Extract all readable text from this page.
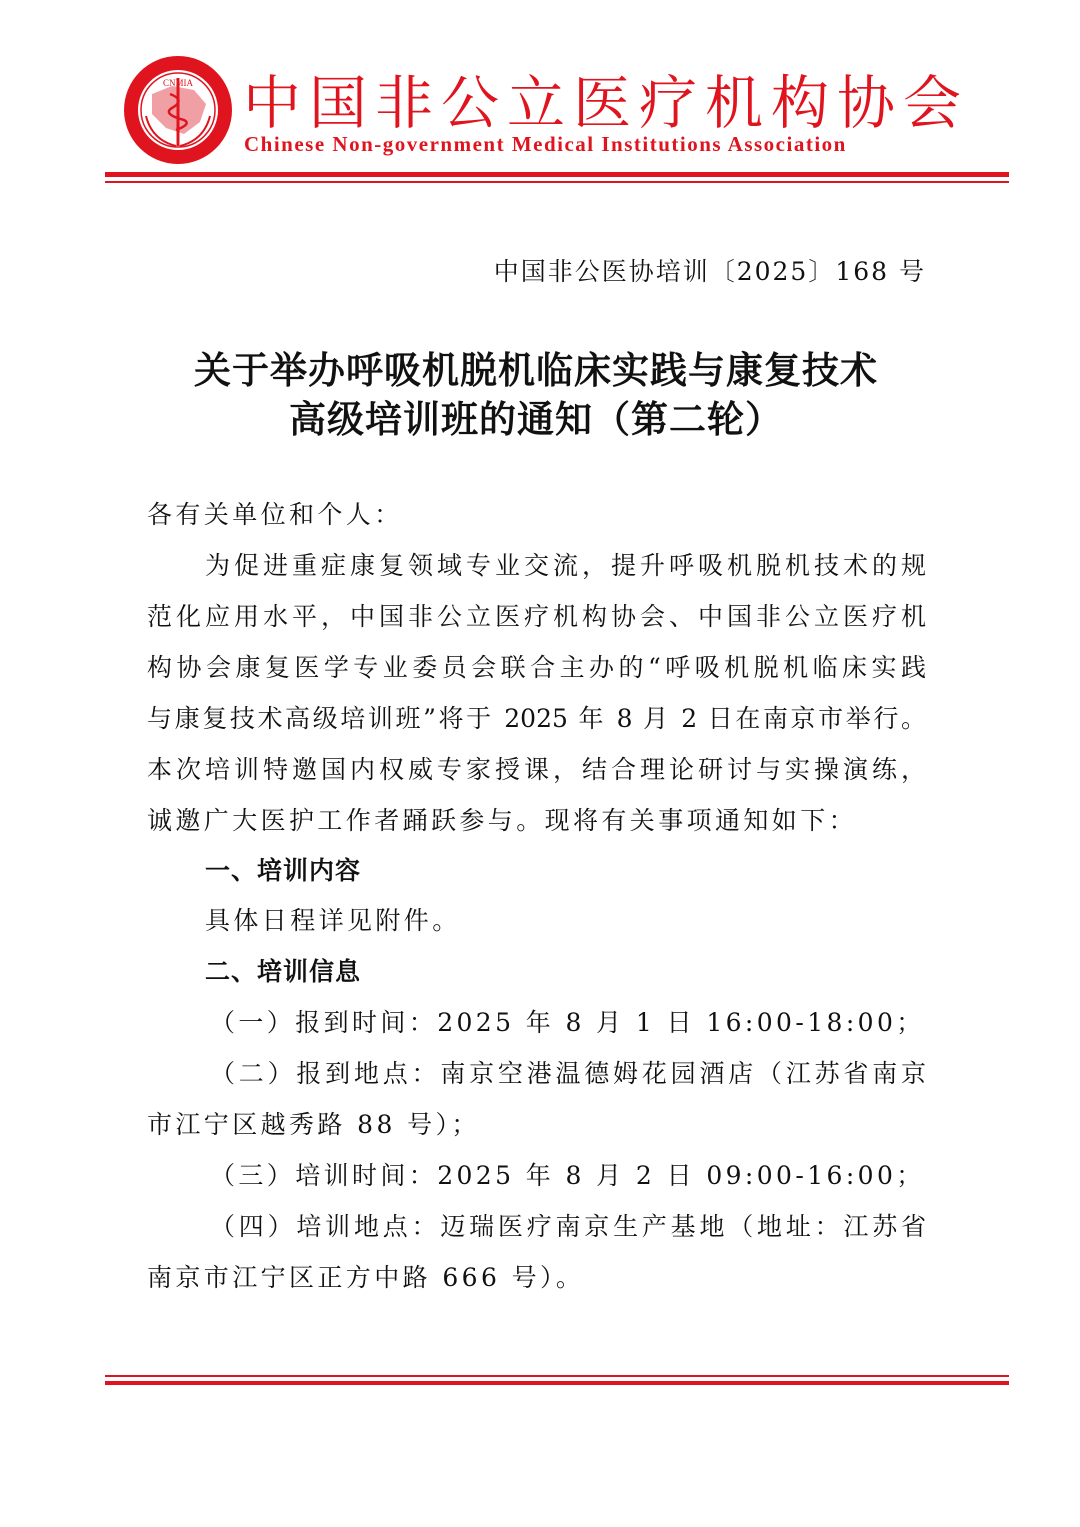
CNMIA 中国非公立医疗机构协会
Chinese Non-government Medical Institutions Association
中国非公医协培训〔2025〕168 号
关于举办呼吸机脱机临床实践与康复技术
高级培训班的通知（第二轮）
各有关单位和个人：
为促进重症康复领域专业交流，提升呼吸机脱机技术的规
范化应用水平，中国非公立医疗机构协会、中国非公立医疗机
构协会康复医学专业委员会联合主办的“呼吸机脱机临床实践
与康复技术高级培训班”将于 2025 年 8 月 2 日在南京市举行。
本次培训特邀国内权威专家授课，结合理论研讨与实操演练，
诚邀广大医护工作者踊跃参与。现将有关事项通知如下：
一、培训内容
具体日程详见附件。
二、培训信息
（一）报到时间：2025 年 8 月 1 日 16:00-18:00；
（二）报到地点：南京空港温德姆花园酒店（江苏省南京
市江宁区越秀路 88 号）；
（三）培训时间：2025 年 8 月 2 日 09:00-16:00；
（四）培训地点：迈瑞医疗南京生产基地（地址：江苏省
南京市江宁区正方中路 666 号）。
